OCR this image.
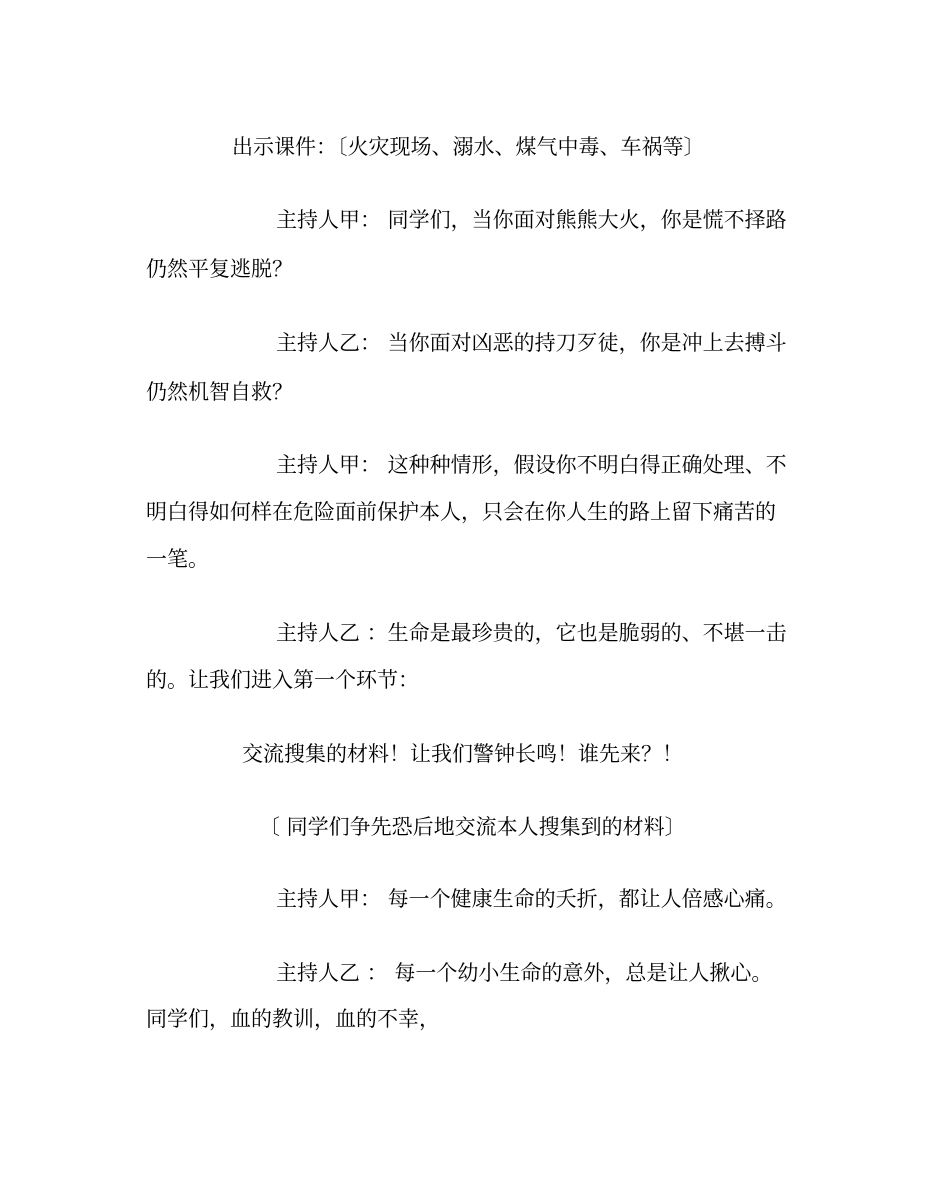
出示课件：〔火灾现场、溺水、煤气中毒、车祸等〕

主持人甲： 同学们，当你面对熊熊大火，你是慌不择路

仍然平复逃脱？

主持人乙： 当你面对凶恶的持刀歹徒，你是冲上去搏斗

仍然机智自救？

主持人甲： 这种种情形，假设你不明白得正确处理、不

明白得如何样在危险面前保护本人，只会在你人生的路上留下痛苦的

一笔。

主持人乙 ：生命是最珍贵的，它也是脆弱的、不堪一击

的。让我们进入第一个环节：

交流搜集的材料！让我们警钟长鸣！谁先来？！

〔 同学们争先恐后地交流本人搜集到的材料〕

主持人甲： 每一个健康生命的夭折，都让人倍感心痛。

主持人乙 ： 每一个幼小生命的意外，总是让人揪心。

同学们，血的教训，血的不幸，
